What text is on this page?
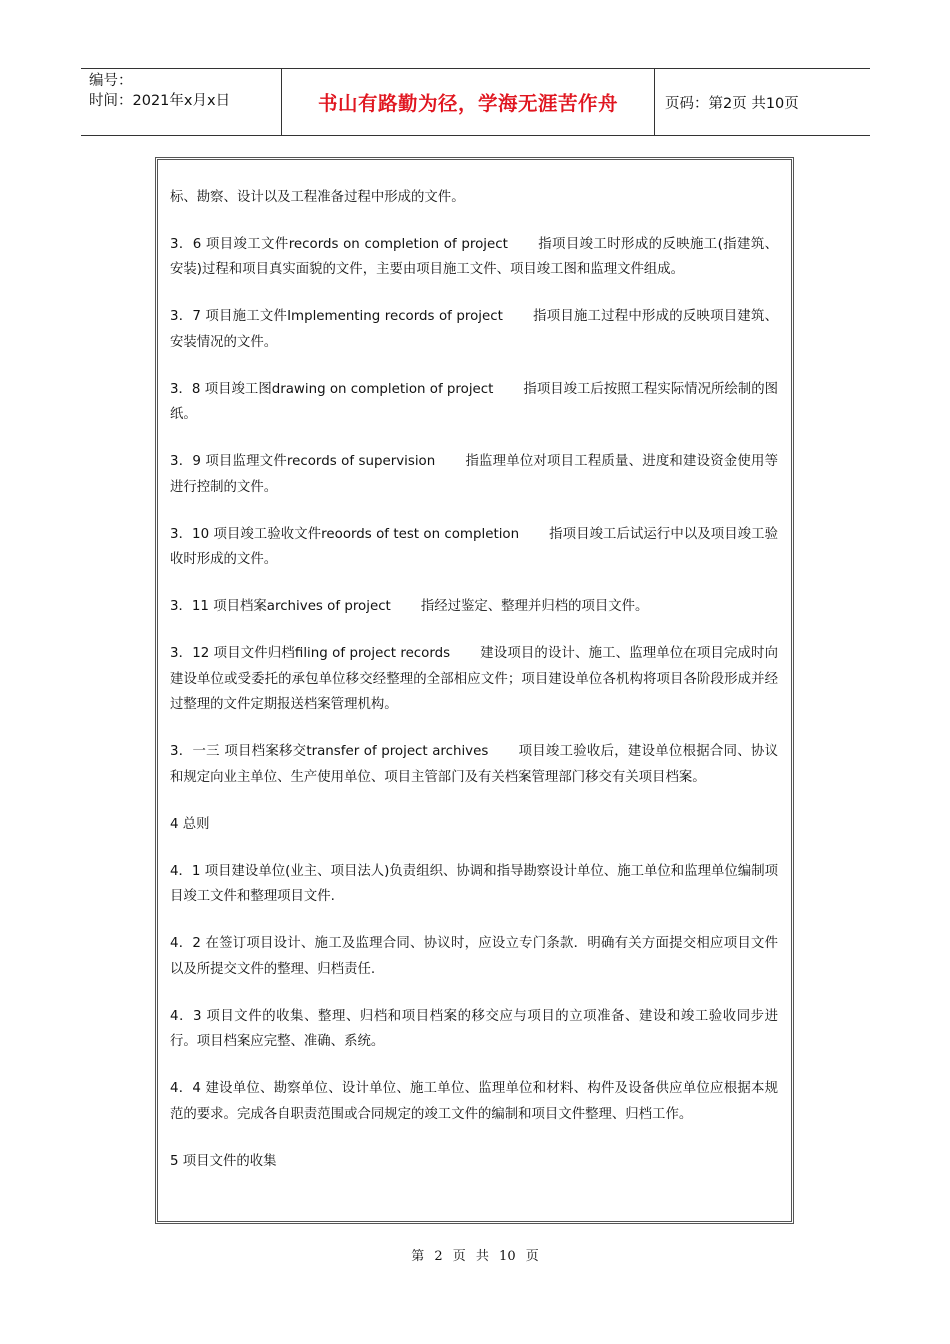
编号：
时间：2021年x月x日	书山有路勤为径，学海无涯苦作舟	页码：第2页 共10页

标、勘察、设计以及工程准备过程中形成的文件。

3．6 项目竣工文件records on completion of project 指项目竣工时形成的反映施工(指建筑、安装)过程和项目真实面貌的文件，主要由项目施工文件、项目竣工图和监理文件组成。

3．7 项目施工文件Implementing records of project 指项目施工过程中形成的反映项目建筑、安装情况的文件。

3．8 项目竣工图drawing on completion of project 指项目竣工后按照工程实际情况所绘制的图纸。

3．9 项目监理文件records of supervision 指监理单位对项目工程质量、进度和建设资金使用等进行控制的文件。

3．10 项目竣工验收文件reoords of test on completion 指项目竣工后试运行中以及项目竣工验收时形成的文件。

3．11 项目档案archives of project 指经过鉴定、整理并归档的项目文件。

3．12 项目文件归档filing of project records 建设项目的设计、施工、监理单位在项目完成时向建设单位或受委托的承包单位移交经整理的全部相应文件；项目建设单位各机构将项目各阶段形成并经过整理的文件定期报送档案管理机构。

3．一三 项目档案移交transfer of project archives 项目竣工验收后，建设单位根据合同、协议和规定向业主单位、生产使用单位、项目主管部门及有关档案管理部门移交有关项目档案。

4 总则

4．1 项目建设单位(业主、项目法人)负责组织、协调和指导勘察设计单位、施工单位和监理单位编制项目竣工文件和整理项目文件.

4．2 在签订项目设计、施工及监理合同、协议时，应设立专门条款．明确有关方面提交相应项目文件以及所提交文件的整理、归档责任.

4．3 项目文件的收集、整理、归档和项目档案的移交应与项目的立项准备、建设和竣工验收同步进行。项目档案应完整、准确、系统。

4．4 建设单位、勘察单位、设计单位、施工单位、监理单位和材料、构件及设备供应单位应根据本规范的要求。完成各自职责范围或合同规定的竣工文件的编制和项目文件整理、归档工作。

5 项目文件的收集

第 2 页 共 10 页
